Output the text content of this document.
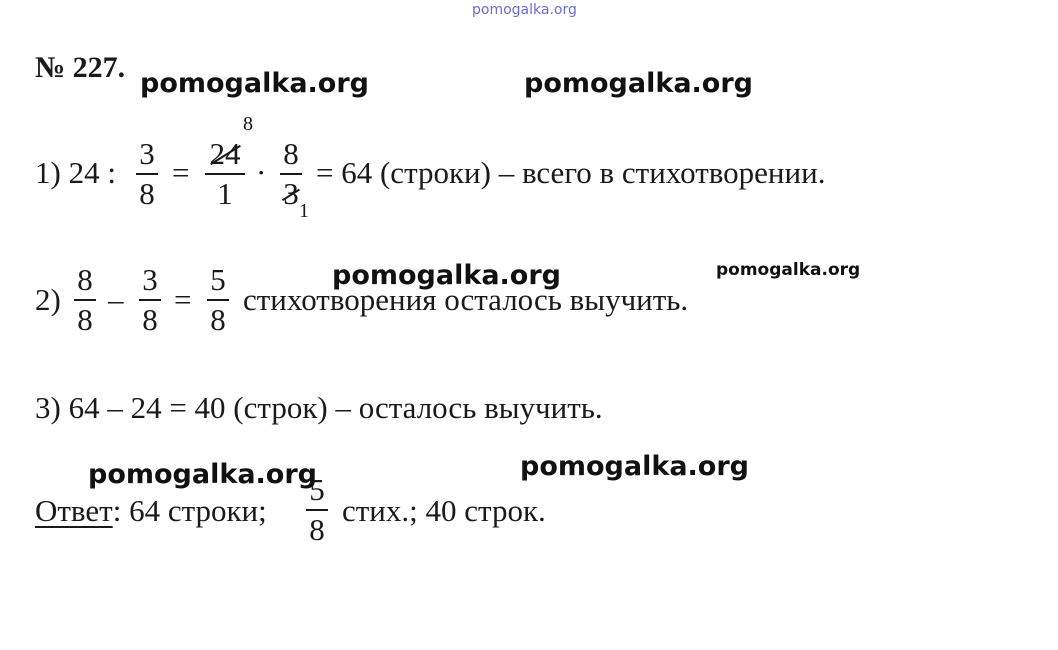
pomogalka.org
№ 227.
1) 24 :
3
8
=
8
24
1
·
8
3 1
= 64 (строки) – всего в стихотворении.
2)
8
8
–
3
8
=
5
8
стихотворения осталось выучить.
3) 64 – 24 = 40 (строк) – осталось выучить.
Ответ: 64 строки;
5
8
стих.; 40 строк.
pomogalka.org	pomogalka.org
pomogalka.org	pomogalka.org
pomogalka.org	pomogalka.org
